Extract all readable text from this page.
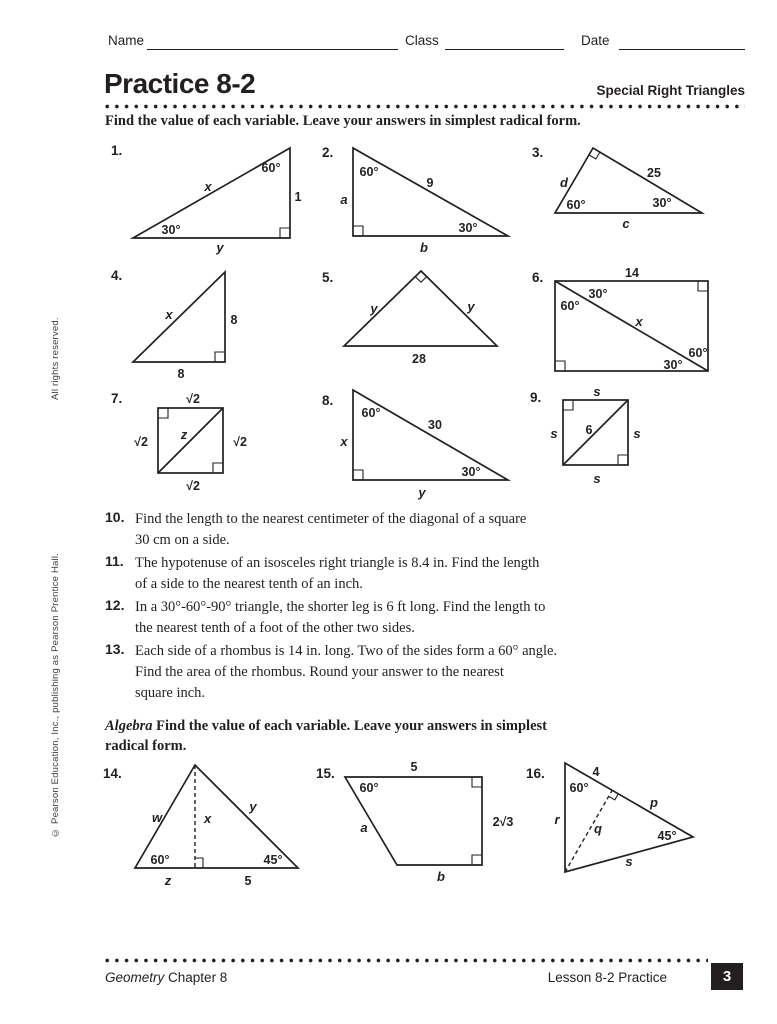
All rights reserved.
© Pearson Education, Inc., publishing as Pearson Prentice Hall.
Name	Class	Date
Practice 8-2	Special Right Triangles
Find the value of each variable. Leave your answers in simplest radical form.
1.
60°
x
1
30°
y
2.
60°
9
a
30°
b
3.
d
25
60°	30°
c
4.
x	8
8
5.
y	y
28
6.	14
30°
60°
x
60°
30°
7.	√2
√2	√2
√2
z
8.
60°
30
x
30°
y
9.	s
s	s
s
6
10. Find the length to the nearest centimeter of the diagonal of a square
30 cm on a side.
11. The hypotenuse of an isosceles right triangle is 8.4 in. Find the length
of a side to the nearest tenth of an inch.
12. In a 30°-60°-90° triangle, the shorter leg is 6 ft long. Find the length to
the nearest tenth of a foot of the other two sides.
13. Each side of a rhombus is 14 in. long. Two of the sides form a 60° angle.
Find the area of the rhombus. Round your answer to the nearest
square inch.
Algebra Find the value of each variable. Leave your answers in simplest
radical form.
14.
w	x
y
60°	45°
z	5
15.	5
60°
a	2√3
b
16.	4
60°
p
r
q	45°
s
Geometry Chapter 8	Lesson 8-2 Practice	3
